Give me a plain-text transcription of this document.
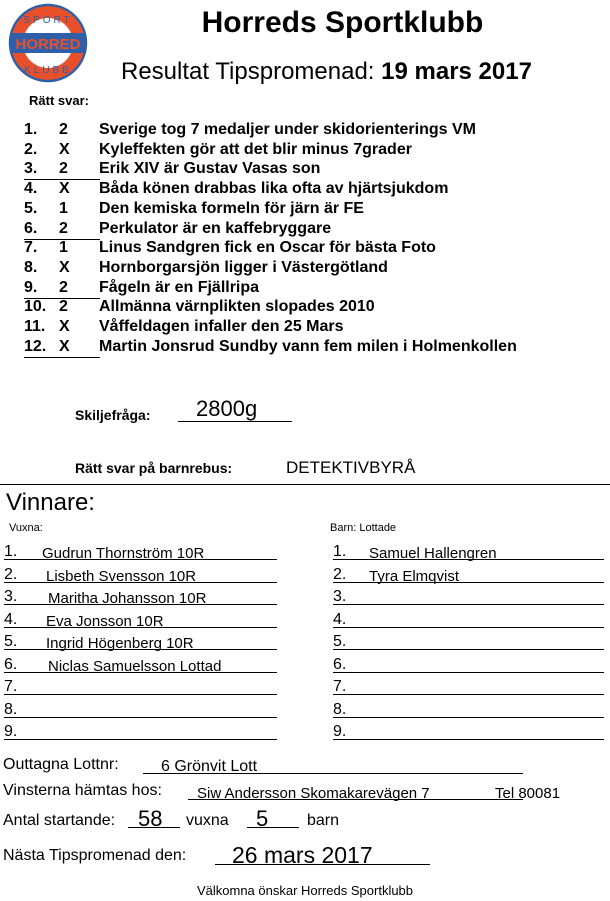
HORRED
SPORT
KLUBB
Horreds Sportklubb
Resultat Tipspromenad: 19 mars 2017
Rätt svar:
1.	2	Sverige tog 7 medaljer under skidorienterings VM
2.	X	Kyleffekten gör att det blir minus 7grader
3.	2	Erik XIV är Gustav Vasas son
4.	X	Båda könen drabbas lika ofta av hjärtsjukdom
5.	1	Den kemiska formeln för järn är FE
6.	2	Perkulator är en kaffebryggare
7.	1	Linus Sandgren fick en Oscar för bästa Foto
8.	X	Hornborgarsjön ligger i Västergötland
9.	2	Fågeln är en Fjällripa
10. 2	Allmänna värnplikten slopades 2010
11. X	Våffeldagen infaller den 25 Mars
12. X	Martin Jonsrud Sundby vann fem milen i Holmenkollen
Skiljefråga: 2800g
Rätt svar på barnrebus:	DETEKTIVBYRÅ
Vinnare:
Vuxna:	Barn: Lottade
1. Gudrun Thornström 10R
2. Lisbeth Svensson 10R
3. Maritha Johansson 10R
4. Eva Jonsson 10R
5. Ingrid Högenberg 10R
6. Niclas Samuelsson Lottad
7.
8.
9.
1. Samuel Hallengren
2. Tyra Elmqvist
3.
4.
5.
6.
7.
8.
9.
Outtagna Lottnr:	6 Grönvit Lott
Vinsterna hämtas hos: Siw Andersson Skomakarevägen 7	Tel 80081
Antal startande: 58 vuxna 5 barn
Nästa Tipspromenad den: 26 mars 2017
Välkomna önskar Horreds Sportklubb
